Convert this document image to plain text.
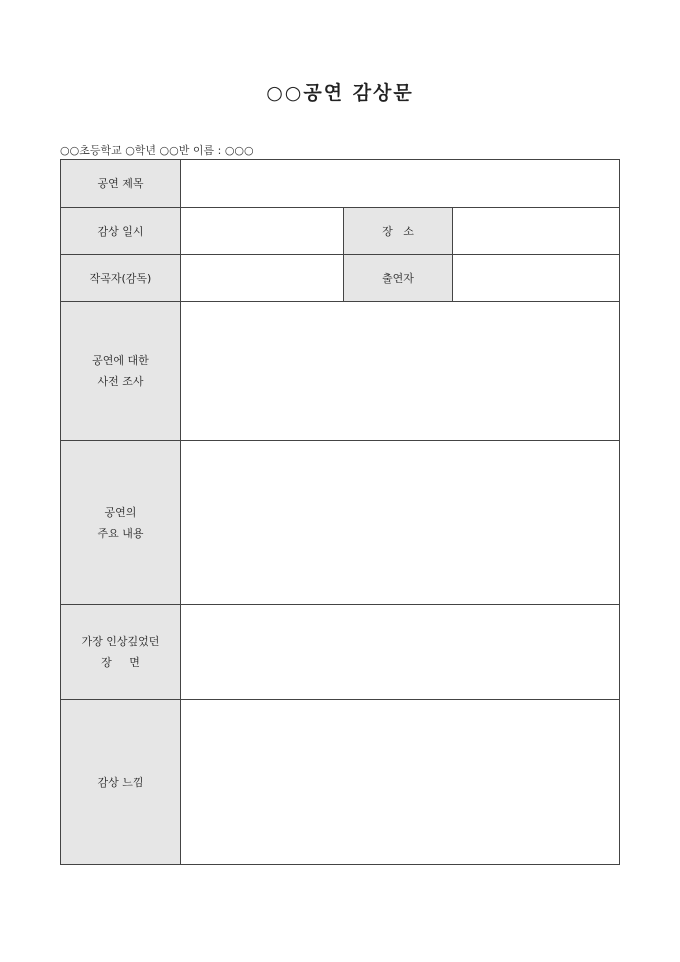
○○공연 감상문
○○초등학교 ○학년 ○○반 이름 : ○○○
공연 제목			
감상 일시		장   소	
작곡자(감독)		출연자	

공연에 대한
사전 조사			

공연의
주요 내용			

가장 인상깊었던
장     면			

감상 느낌			
